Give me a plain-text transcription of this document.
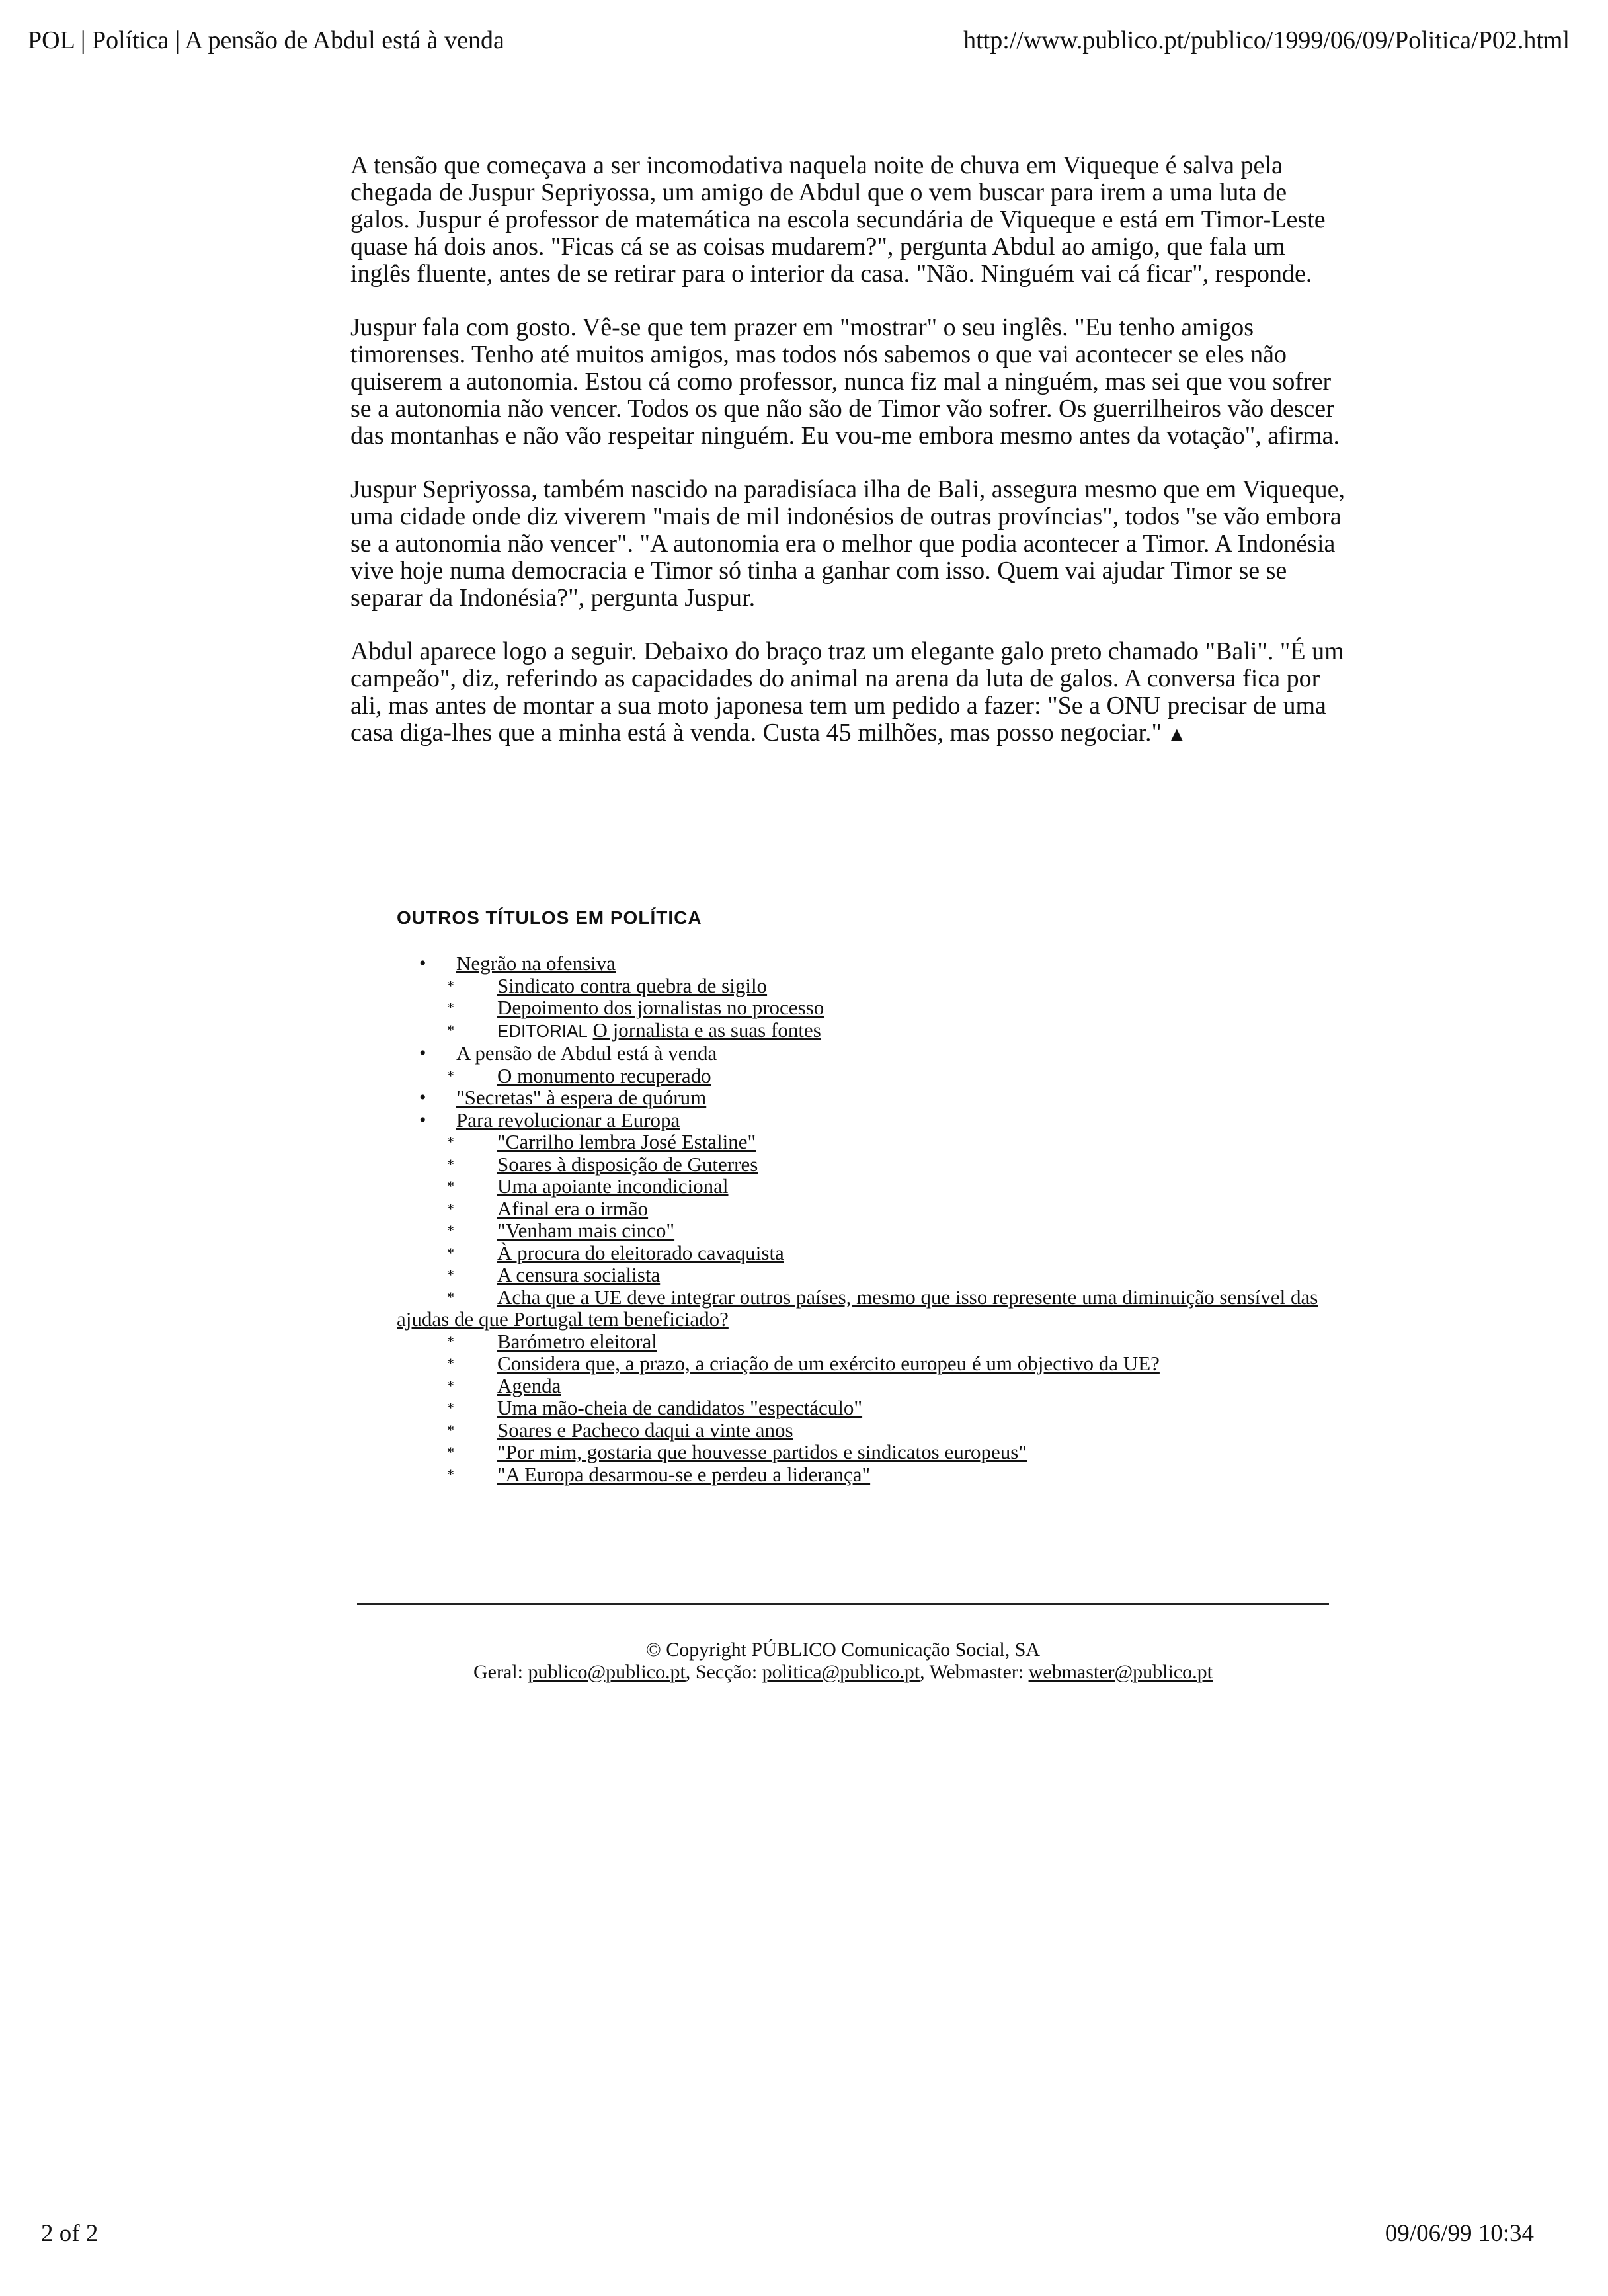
POL | Política | A pensão de Abdul está à venda	http://www.publico.pt/publico/1999/06/09/Politica/P02.html

A tensão que começava a ser incomodativa naquela noite de chuva em Viqueque é salva pela chegada de Juspur Sepriyossa, um amigo de Abdul que o vem buscar para irem a uma luta de galos. Juspur é professor de matemática na escola secundária de Viqueque e está em Timor-Leste quase há dois anos. "Ficas cá se as coisas mudarem?", pergunta Abdul ao amigo, que fala um inglês fluente, antes de se retirar para o interior da casa. "Não. Ninguém vai cá ficar", responde.

Juspur fala com gosto. Vê-se que tem prazer em "mostrar" o seu inglês. "Eu tenho amigos timorenses. Tenho até muitos amigos, mas todos nós sabemos o que vai acontecer se eles não quiserem a autonomia. Estou cá como professor, nunca fiz mal a ninguém, mas sei que vou sofrer se a autonomia não vencer. Todos os que não são de Timor vão sofrer. Os guerrilheiros vão descer das montanhas e não vão respeitar ninguém. Eu vou-me embora mesmo antes da votação", afirma.

Juspur Sepriyossa, também nascido na paradisíaca ilha de Bali, assegura mesmo que em Viqueque, uma cidade onde diz viverem "mais de mil indonésios de outras províncias", todos "se vão embora se a autonomia não vencer". "A autonomia era o melhor que podia acontecer a Timor. A Indonésia vive hoje numa democracia e Timor só tinha a ganhar com isso. Quem vai ajudar Timor se se separar da Indonésia?", pergunta Juspur.

Abdul aparece logo a seguir. Debaixo do braço traz um elegante galo preto chamado "Bali". "É um campeão", diz, referindo as capacidades do animal na arena da luta de galos. A conversa fica por ali, mas antes de montar a sua moto japonesa tem um pedido a fazer: "Se a ONU precisar de uma casa diga-lhes que a minha está à venda. Custa 45 milhões, mas posso negociar." ▲

OUTROS TÍTULOS EM POLÍTICA
• Negrão na ofensiva
* Sindicato contra quebra de sigilo
* Depoimento dos jornalistas no processo
*	EDITORIAL O jornalista e as suas fontes
• A pensão de Abdul está à venda
* O monumento recuperado
• "Secretas" à espera de quórum
• Para revolucionar a Europa
* "Carrilho lembra José Estaline"
* Soares à disposição de Guterres
* Uma apoiante incondicional
* Afinal era o irmão
* "Venham mais cinco"
* À procura do eleitorado cavaquista
* A censura socialista
* Acha que a UE deve integrar outros países, mesmo que isso represente uma diminuição sensível das ajudas de que Portugal tem beneficiado?
* Barómetro eleitoral
* Considera que, a prazo, a criação de um exército europeu é um objectivo da UE?
* Agenda
* Uma mão-cheia de candidatos "espectáculo"
* Soares e Pacheco daqui a vinte anos
* "Por mim, gostaria que houvesse partidos e sindicatos europeus"
* "A Europa desarmou-se e perdeu a liderança"
© Copyright PÚBLICO Comunicação Social, SA
Geral: publico@publico.pt, Secção: politica@publico.pt, Webmaster: webmaster@publico.pt
2 of 2	09/06/99 10:34
